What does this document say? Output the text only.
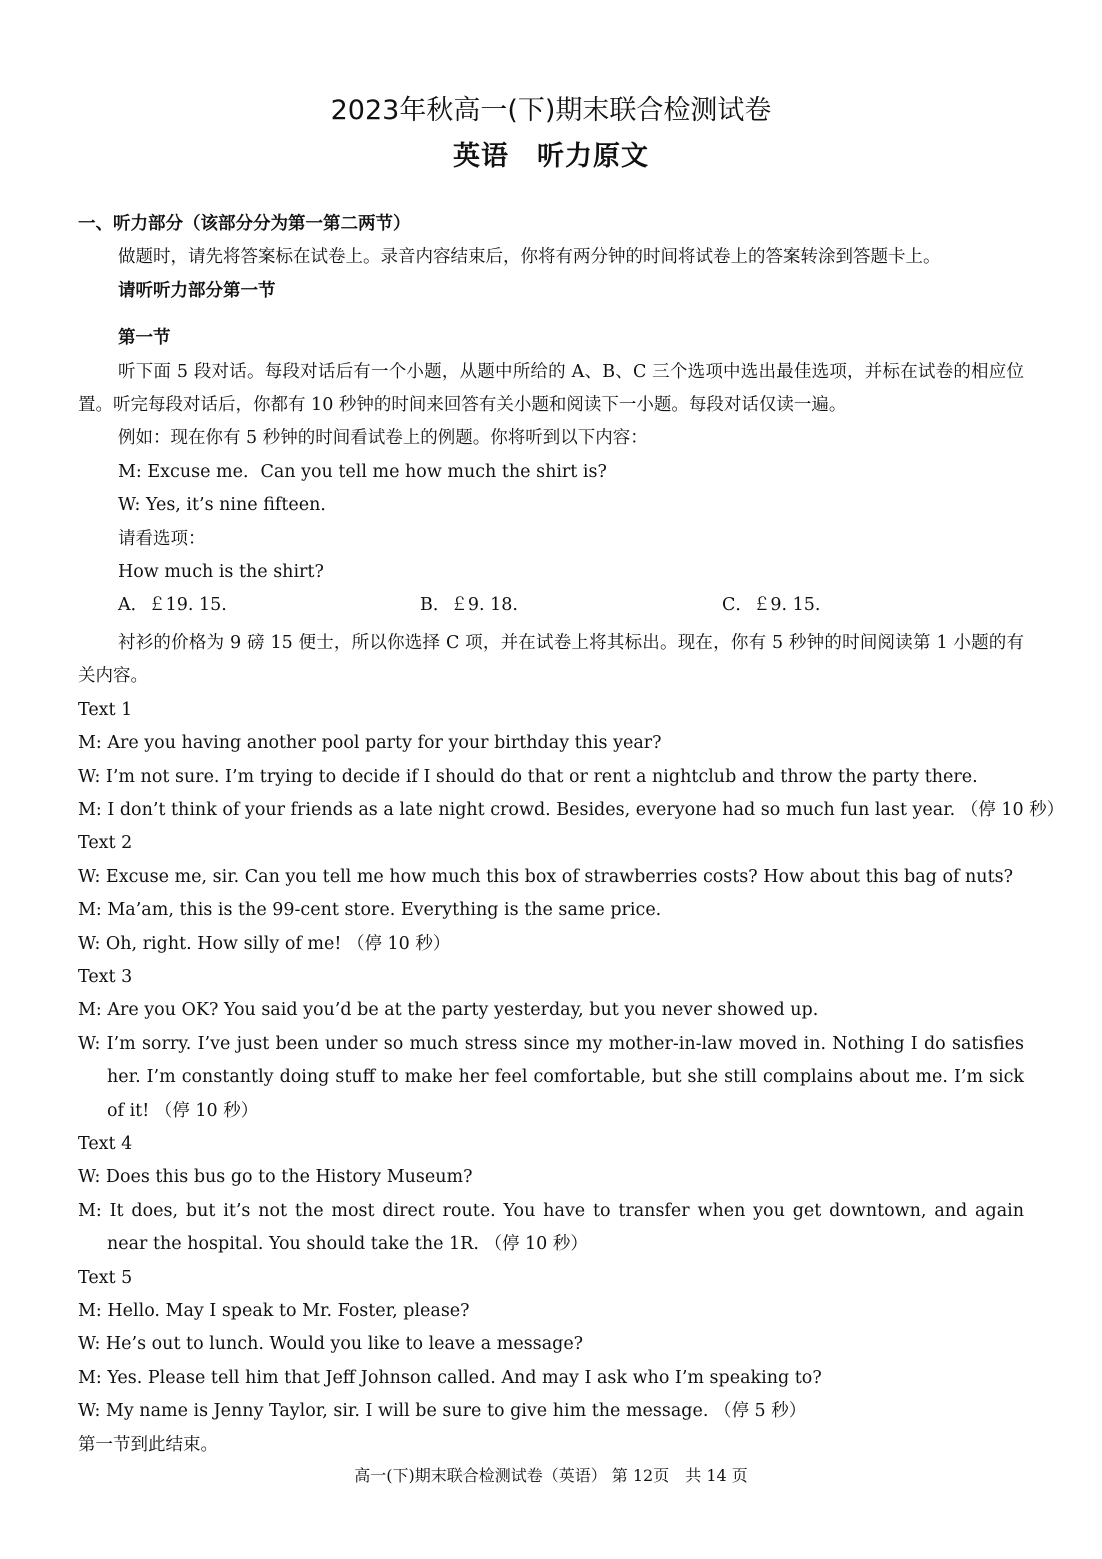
2023年秋高一(下)期末联合检测试卷
英语　听力原文
一、听力部分（该部分分为第一第二两节）
做题时，请先将答案标在试卷上。录音内容结束后，你将有两分钟的时间将试卷上的答案转涂到答题卡上。
请听听力部分第一节
第一节
听下面 5 段对话。每段对话后有一个小题，从题中所给的 A、B、C 三个选项中选出最佳选项，并标在试卷的相应位置。听完每段对话后，你都有 10 秒钟的时间来回答有关小题和阅读下一小题。每段对话仅读一遍。
例如：现在你有 5 秒钟的时间看试卷上的例题。你将听到以下内容：
M: Excuse me．Can you tell me how much the shirt is?
W: Yes, it’s nine fifteen．
请看选项：
How much is the shirt?
A．￡19. 15.	B．￡9. 18.	C．￡9. 15.
衬衫的价格为 9 磅 15 便士，所以你选择 C 项，并在试卷上将其标出。现在，你有 5 秒钟的时间阅读第 1 小题的有关内容。
Text 1
M: Are you having another pool party for your birthday this year?
W: I’m not sure. I’m trying to decide if I should do that or rent a nightclub and throw the party there.
M: I don’t think of your friends as a late night crowd. Besides, everyone had so much fun last year. （停 10 秒）
Text 2
W: Excuse me, sir. Can you tell me how much this box of strawberries costs? How about this bag of nuts?
M: Ma’am, this is the 99-cent store. Everything is the same price.
W: Oh, right. How silly of me! （停 10 秒）
Text 3
M: Are you OK? You said you’d be at the party yesterday, but you never showed up.
W: I’m sorry. I’ve just been under so much stress since my mother-in-law moved in. Nothing I do satisfies her. I’m constantly doing stuff to make her feel comfortable, but she still complains about me. I’m sick of it! （停 10 秒）
Text 4
W: Does this bus go to the History Museum?
M: It does, but it’s not the most direct route. You have to transfer when you get downtown, and again near the hospital. You should take the 1R. （停 10 秒）
Text 5
M: Hello. May I speak to Mr. Foster, please?
W: He’s out to lunch. Would you like to leave a message?
M: Yes. Please tell him that Jeff Johnson called. And may I ask who I’m speaking to?
W: My name is Jenny Taylor, sir. I will be sure to give him the message. （停 5 秒）
第一节到此结束。
高一(下)期末联合检测试卷（英语） 第 12页　共 14 页
